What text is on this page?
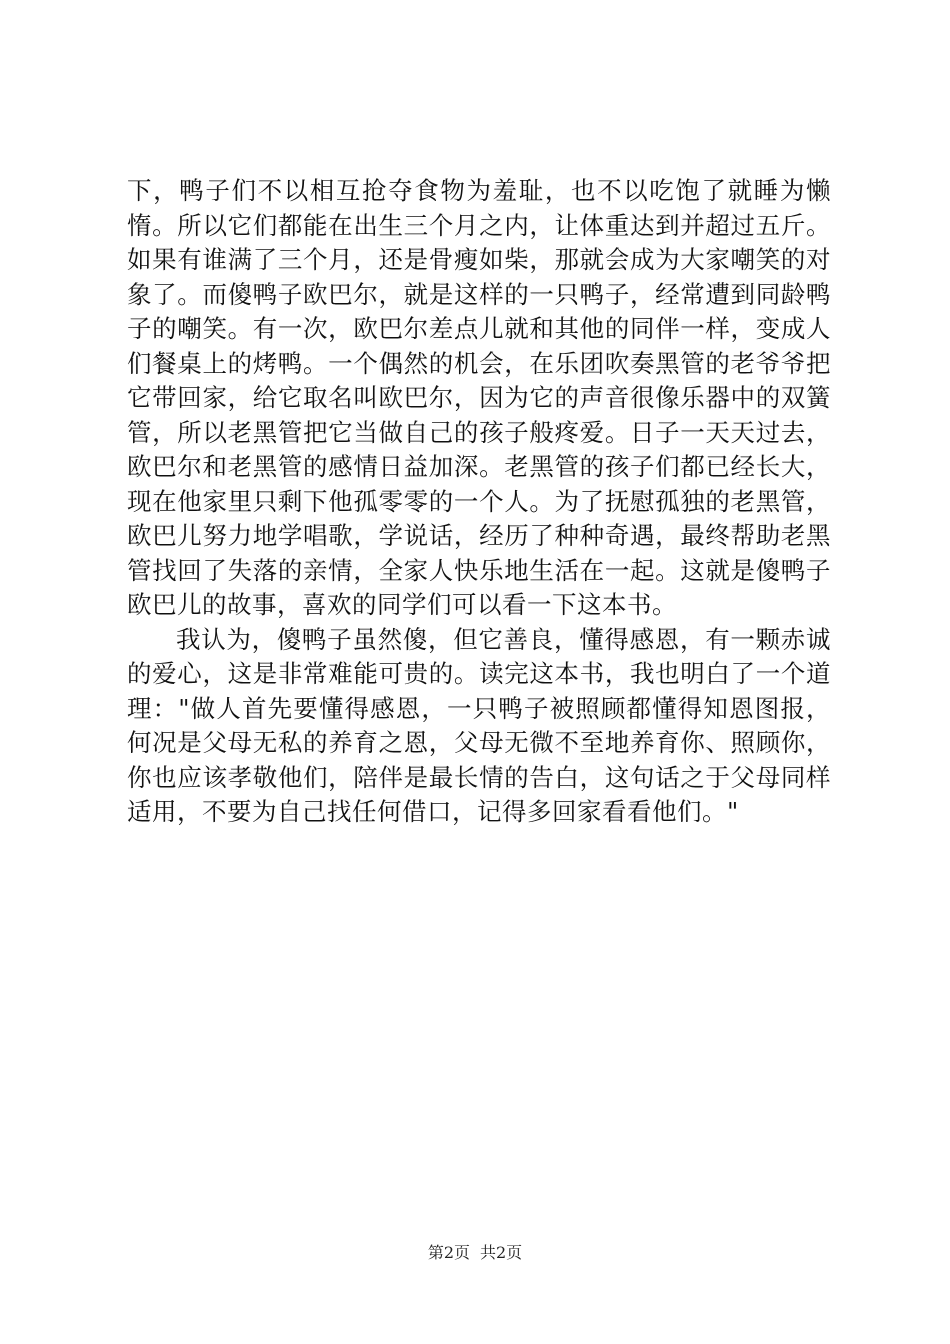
下，鸭子们不以相互抢夺食物为羞耻，也不以吃饱了就睡为懒惰。所以它们都能在出生三个月之内，让体重达到并超过五斤。如果有谁满了三个月，还是骨瘦如柴，那就会成为大家嘲笑的对象了。而傻鸭子欧巴尔，就是这样的一只鸭子，经常遭到同龄鸭子的嘲笑。有一次，欧巴尔差点儿就和其他的同伴一样，变成人们餐桌上的烤鸭。一个偶然的机会，在乐团吹奏黑管的老爷爷把它带回家，给它取名叫欧巴尔，因为它的声音很像乐器中的双簧管，所以老黑管把它当做自己的孩子般疼爱。日子一天天过去，欧巴尔和老黑管的感情日益加深。老黑管的孩子们都已经长大，现在他家里只剩下他孤零零的一个人。为了抚慰孤独的老黑管，欧巴儿努力地学唱歌，学说话，经历了种种奇遇，最终帮助老黑管找回了失落的亲情，全家人快乐地生活在一起。这就是傻鸭子欧巴儿的故事，喜欢的同学们可以看一下这本书。

我认为，傻鸭子虽然傻，但它善良，懂得感恩，有一颗赤诚的爱心，这是非常难能可贵的。读完这本书，我也明白了一个道理："做人首先要懂得感恩，一只鸭子被照顾都懂得知恩图报，何况是父母无私的养育之恩，父母无微不至地养育你、照顾你，你也应该孝敬他们，陪伴是最长情的告白，这句话之于父母同样适用，不要为自己找任何借口，记得多回家看看他们。"

第2页 共2页
